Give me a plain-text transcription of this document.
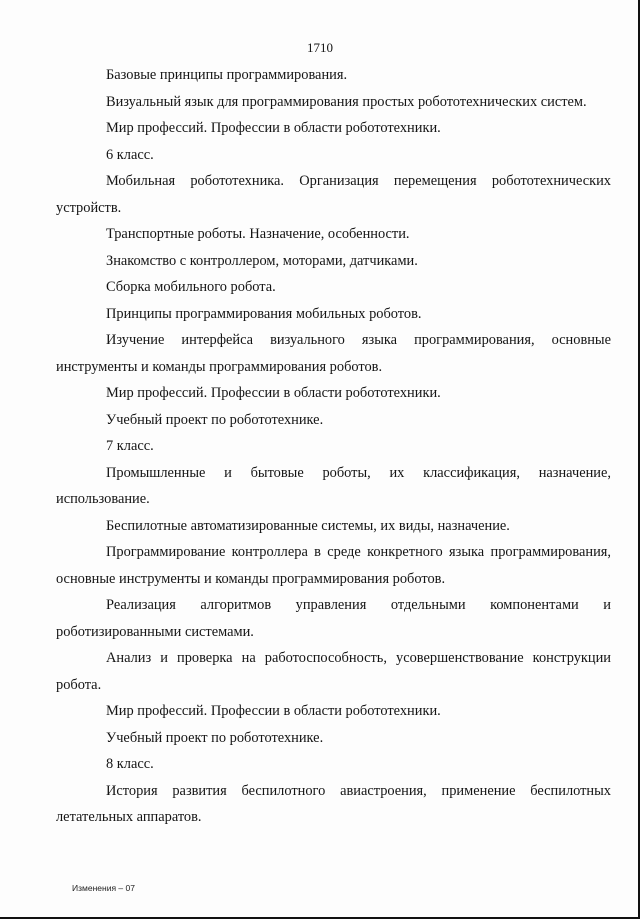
1710

Базовые принципы программирования.

Визуальный язык для программирования простых робототехнических систем.

Мир профессий. Профессии в области робототехники.

6 класс.

Мобильная робототехника. Организация перемещения робототехнических устройств.

Транспортные роботы. Назначение, особенности.

Знакомство с контроллером, моторами, датчиками.

Сборка мобильного робота.

Принципы программирования мобильных роботов.

Изучение интерфейса визуального языка программирования, основные инструменты и команды программирования роботов.

Мир профессий. Профессии в области робототехники.

Учебный проект по робототехнике.

7 класс.

Промышленные и бытовые роботы, их классификация, назначение, использование.

Беспилотные автоматизированные системы, их виды, назначение.

Программирование контроллера в среде конкретного языка программирования, основные инструменты и команды программирования роботов.

Реализация алгоритмов управления отдельными компонентами и роботизированными системами.

Анализ и проверка на работоспособность, усовершенствование конструкции робота.

Мир профессий. Профессии в области робототехники.

Учебный проект по робототехнике.

8 класс.

История развития беспилотного авиастроения, применение беспилотных летательных аппаратов.

Изменения – 07
